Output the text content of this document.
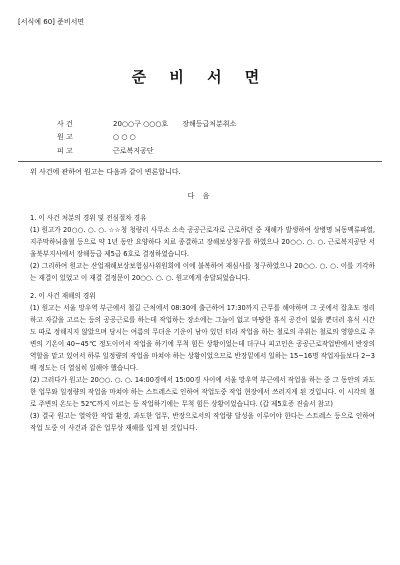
[서식예 60] 준비서면
준 비 서 면
사 건	20○○구 ○○○호 장해등급처분취소
원 고	○ ○ ○
피 고	근로복지공단
위 사건에 관하여 원고는 다음과 같이 변론합니다.
다 음

1. 이 사건 처분의 경위 및 전심절차 경유

(1) 원고가 20○○. ○. ○. ☆☆청 청량리 사무소 소속 공공근로자로 근로하던 중 재해가 발생하여 상병명 뇌동맥류파열, 지주막하뇌출혈 등으로 약 1년 동안 요양하다 치료 종결하고 장해보상청구를 하였으나 20○○. ○. ○. 근로복지공단 서울북부지사에서 장해등급 제5급 6호로 결정하였습니다.

(2) 그리하여 원고는 산업재해보상보험심사위원회에 이에 불복하여 재심사를 청구하였으나 20○○. ○. ○. 이를 기각하는 재결이 있었고 이 재결 결정문이 20○○. ○. ○. 원고에게 송달되었습니다.

2. 이 사건 재해의 경위

(1) 원고는 서울 망우역 부근에서 철길 근처에서 08:30에 출근하여 17:30까지 근무를 해야하며 그 곳에서 잡초도 정리하고 자갈을 고르는 등의 공공근로를 하는데 작업하는 장소에는 그늘이 없고 마땅한 휴식 공간이 없을 뿐더러 휴식 시간도 따로 정해지지 않았으며 당시는 여름의 무더운 기운이 남아 있던 터라 작업을 하는 철로의 주위는 철로의 영향으로 주변의 기온이 40~45℃ 정도이어서 작업을 하기에 무척 힘든 상황이었는데 더구나 피고인은 공공근로작업반에서 반장의 역할을 맡고 있어서 하루 일정량의 작업을 마쳐야 하는 상황이었으므로 반장밑에서 일하는 15~16명 작업자들보다 2~3배 정도는 더 열심히 일해야 했습니다.

(2) 그러다가 원고는 20○○. ○. ○. 14:00경에서 15:00경 사이에 서울 망우역 부근에서 작업을 하는 중 그 동안의 과도한 업무와 일정량의 작업을 마쳐야 하는 스트레스로 인하여 작업도중 작업 현장에서 쓰러지게 된 것입니다. 이 시각의 철로 주변의 온도는 52℃까지 이르는 등 작업하기에는 무척 힘든 상황이었습니다. (갑 제5호증 진술서 참고)

(3) 결국 원고는 열악한 작업 환경, 과도한 업무, 반장으로서의 작업량 달성을 이루어야 한다는 스트레스 등으로 인하여 작업 도중 이 사건과 같은 업무상 재해를 입게 된 것입니다.
